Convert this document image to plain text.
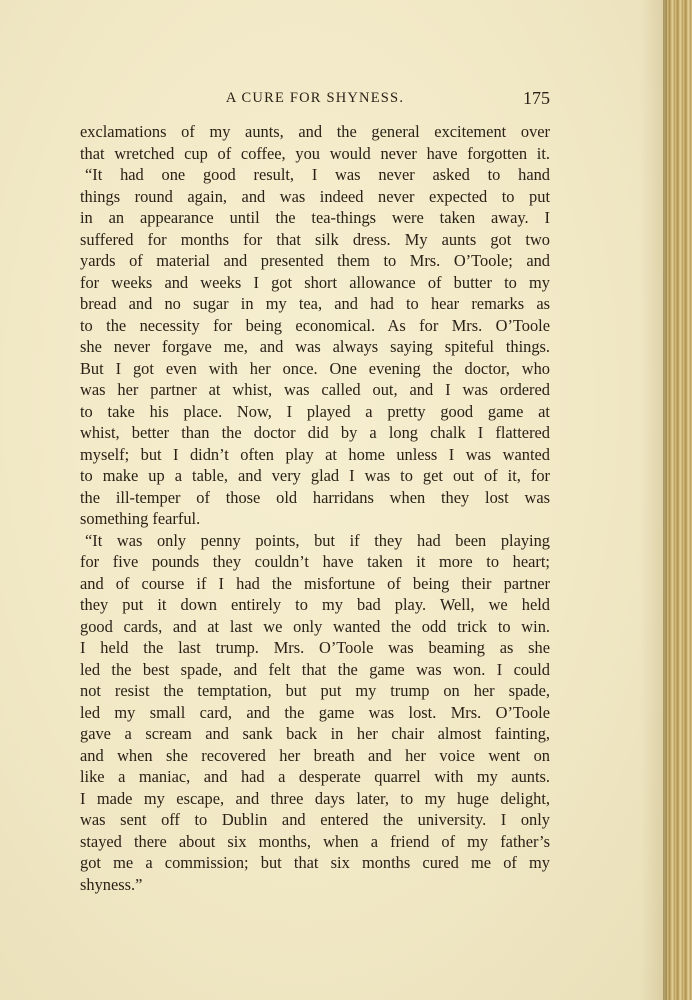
A CURE FOR SHYNESS.	175
exclamations of my aunts, and the general excitement over
that wretched cup of coffee, you would never have forgotten it.
“It had one good result, I was never asked to hand
things round again, and was indeed never expected to put
in an appearance until the tea-things were taken away. I
suffered for months for that silk dress. My aunts got two
yards of material and presented them to Mrs. O’Toole; and
for weeks and weeks I got short allowance of butter to my
bread and no sugar in my tea, and had to hear remarks as
to the necessity for being economical. As for Mrs. O’Toole
she never forgave me, and was always saying spiteful things.
But I got even with her once. One evening the doctor, who
was her partner at whist, was called out, and I was ordered
to take his place. Now, I played a pretty good game at
whist, better than the doctor did by a long chalk I flattered
myself; but I didn’t often play at home unless I was wanted
to make up a table, and very glad I was to get out of it, for
the ill-temper of those old harridans when they lost was
something fearful.
“It was only penny points, but if they had been playing
for five pounds they couldn’t have taken it more to heart;
and of course if I had the misfortune of being their partner
they put it down entirely to my bad play. Well, we held
good cards, and at last we only wanted the odd trick to win.
I held the last trump. Mrs. O’Toole was beaming as she
led the best spade, and felt that the game was won. I could
not resist the temptation, but put my trump on her spade,
led my small card, and the game was lost. Mrs. O’Toole
gave a scream and sank back in her chair almost fainting,
and when she recovered her breath and her voice went on
like a maniac, and had a desperate quarrel with my aunts.
I made my escape, and three days later, to my huge delight,
was sent off to Dublin and entered the university. I only
stayed there about six months, when a friend of my father’s
got me a commission; but that six months cured me of my
shyness.”
